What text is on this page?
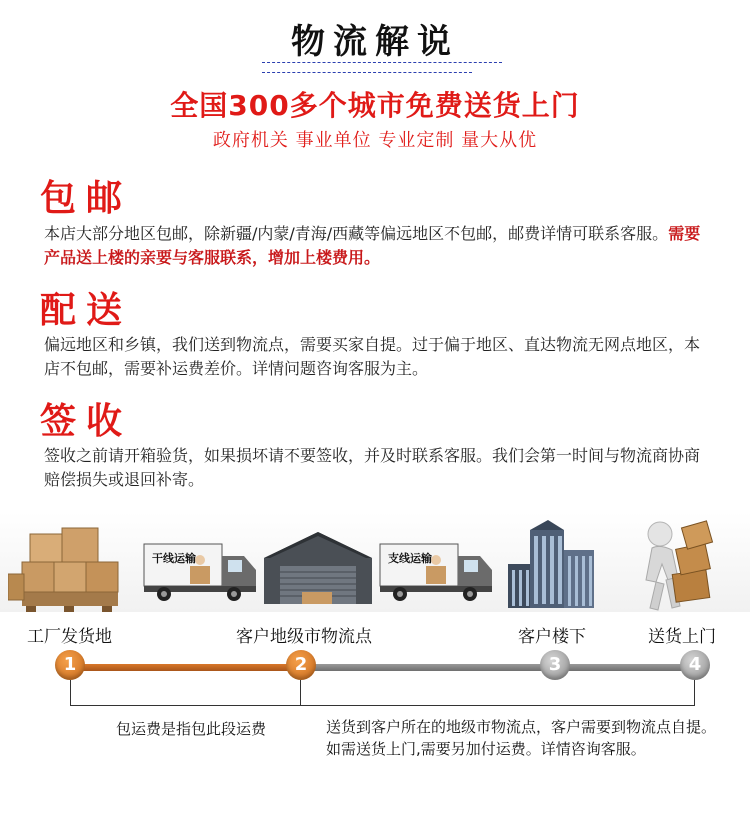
物流解说
全国300多个城市免费送货上门
政府机关 事业单位 专业定制 量大从优
包邮
本店大部分地区包邮，除新疆/内蒙/青海/西藏等偏远地区不包邮，邮费详情可联系客服。需要产品送上楼的亲要与客服联系，增加上楼费用。
配送
偏远地区和乡镇，我们送到物流点，需要买家自提。过于偏于地区、直达物流无网点地区，本店不包邮，需要补运费差价。详情问题咨询客服为主。
签收
签收之前请开箱验货，如果损坏请不要签收，并及时联系客服。我们会第一时间与物流商协商赔偿损失或退回补寄。
干线运输	支线运输
工厂发货地	客户地级市物流点	客户楼下	送货上门
1	2	3	4
包运费是指包此段运费	送货到客户所在的地级市物流点，客户需要到物流点自提。如需送货上门,需要另加付运费。详情咨询客服。
